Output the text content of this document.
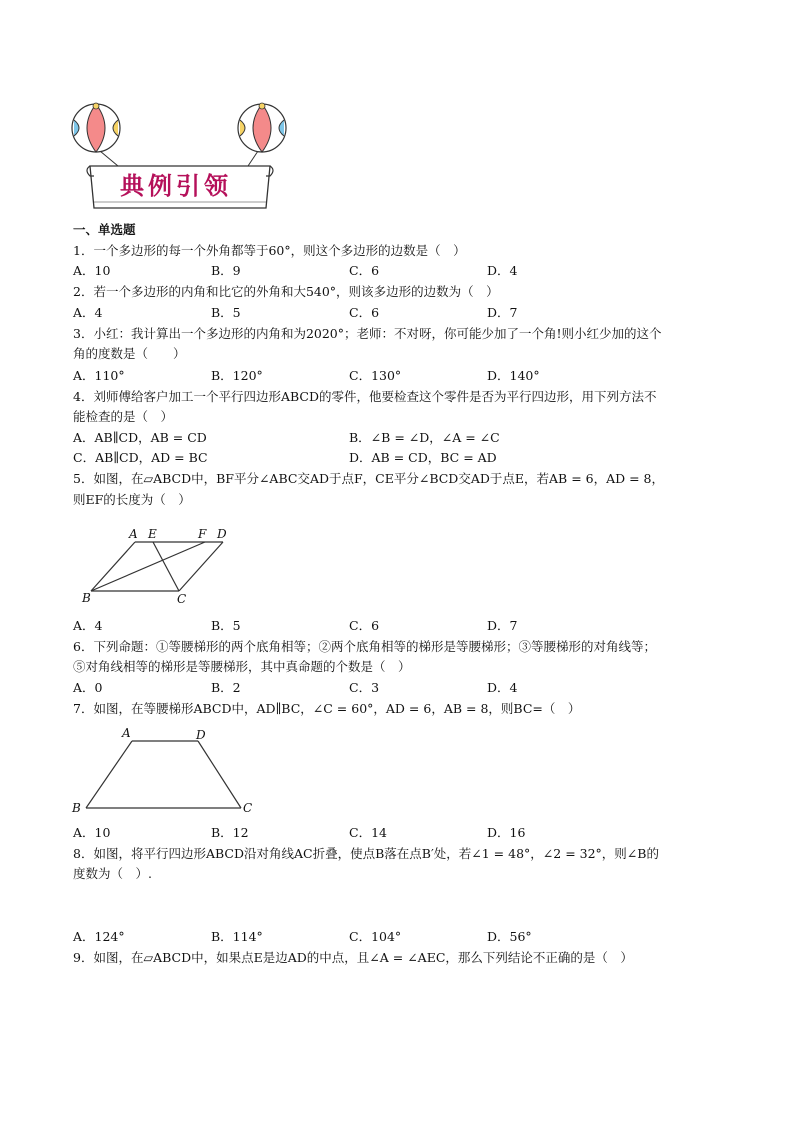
典例引领
一、单选题
1．一个多边形的每一个外角都等于60°，则这个多边形的边数是（　）
A．10	B．9	C．6	D．4
2．若一个多边形的内角和比它的外角和大540°，则该多边形的边数为（　）
A．4	B．5	C．6	D．7
3．小红：我计算出一个多边形的内角和为2020°；老师：不对呀，你可能少加了一个角!则小红少加的这个
角的度数是（　　）
A．110°	B．120°	C．130°	D．140°
4．刘师傅给客户加工一个平行四边形ABCD的零件，他要检查这个零件是否为平行四边形，用下列方法不
能检查的是（　）
A．AB∥CD，AB = CD	B．∠B = ∠D，∠A = ∠C
C．AB∥CD，AD = BC	D．AB = CD，BC = AD
5．如图，在▱ABCD中，BF平分∠ABC交AD于点F，CE平分∠BCD交AD于点E，若AB = 6，AD = 8，
则EF的长度为（　）
A E	F D
B	C
A．4	B．5	C．6	D．7
6．下列命题：①等腰梯形的两个底角相等；②两个底角相等的梯形是等腰梯形；③等腰梯形的对角线等；
⑤对角线相等的梯形是等腰梯形，其中真命题的个数是（　）
A．0	B．2	C．3	D．4
7．如图，在等腰梯形ABCD中，AD∥BC，∠C = 60°，AD = 6，AB = 8，则BC=（　）
A	D
B	C
A．10	B．12	C．14	D．16
8．如图，将平行四边形ABCD沿对角线AC折叠，使点B落在点B′处，若∠1 = 48°，∠2 = 32°，则∠B的
度数为（　）.
A．124°	B．114°	C．104°	D．56°
9．如图，在▱ABCD中，如果点E是边AD的中点，且∠A = ∠AEC，那么下列结论不正确的是（　）
